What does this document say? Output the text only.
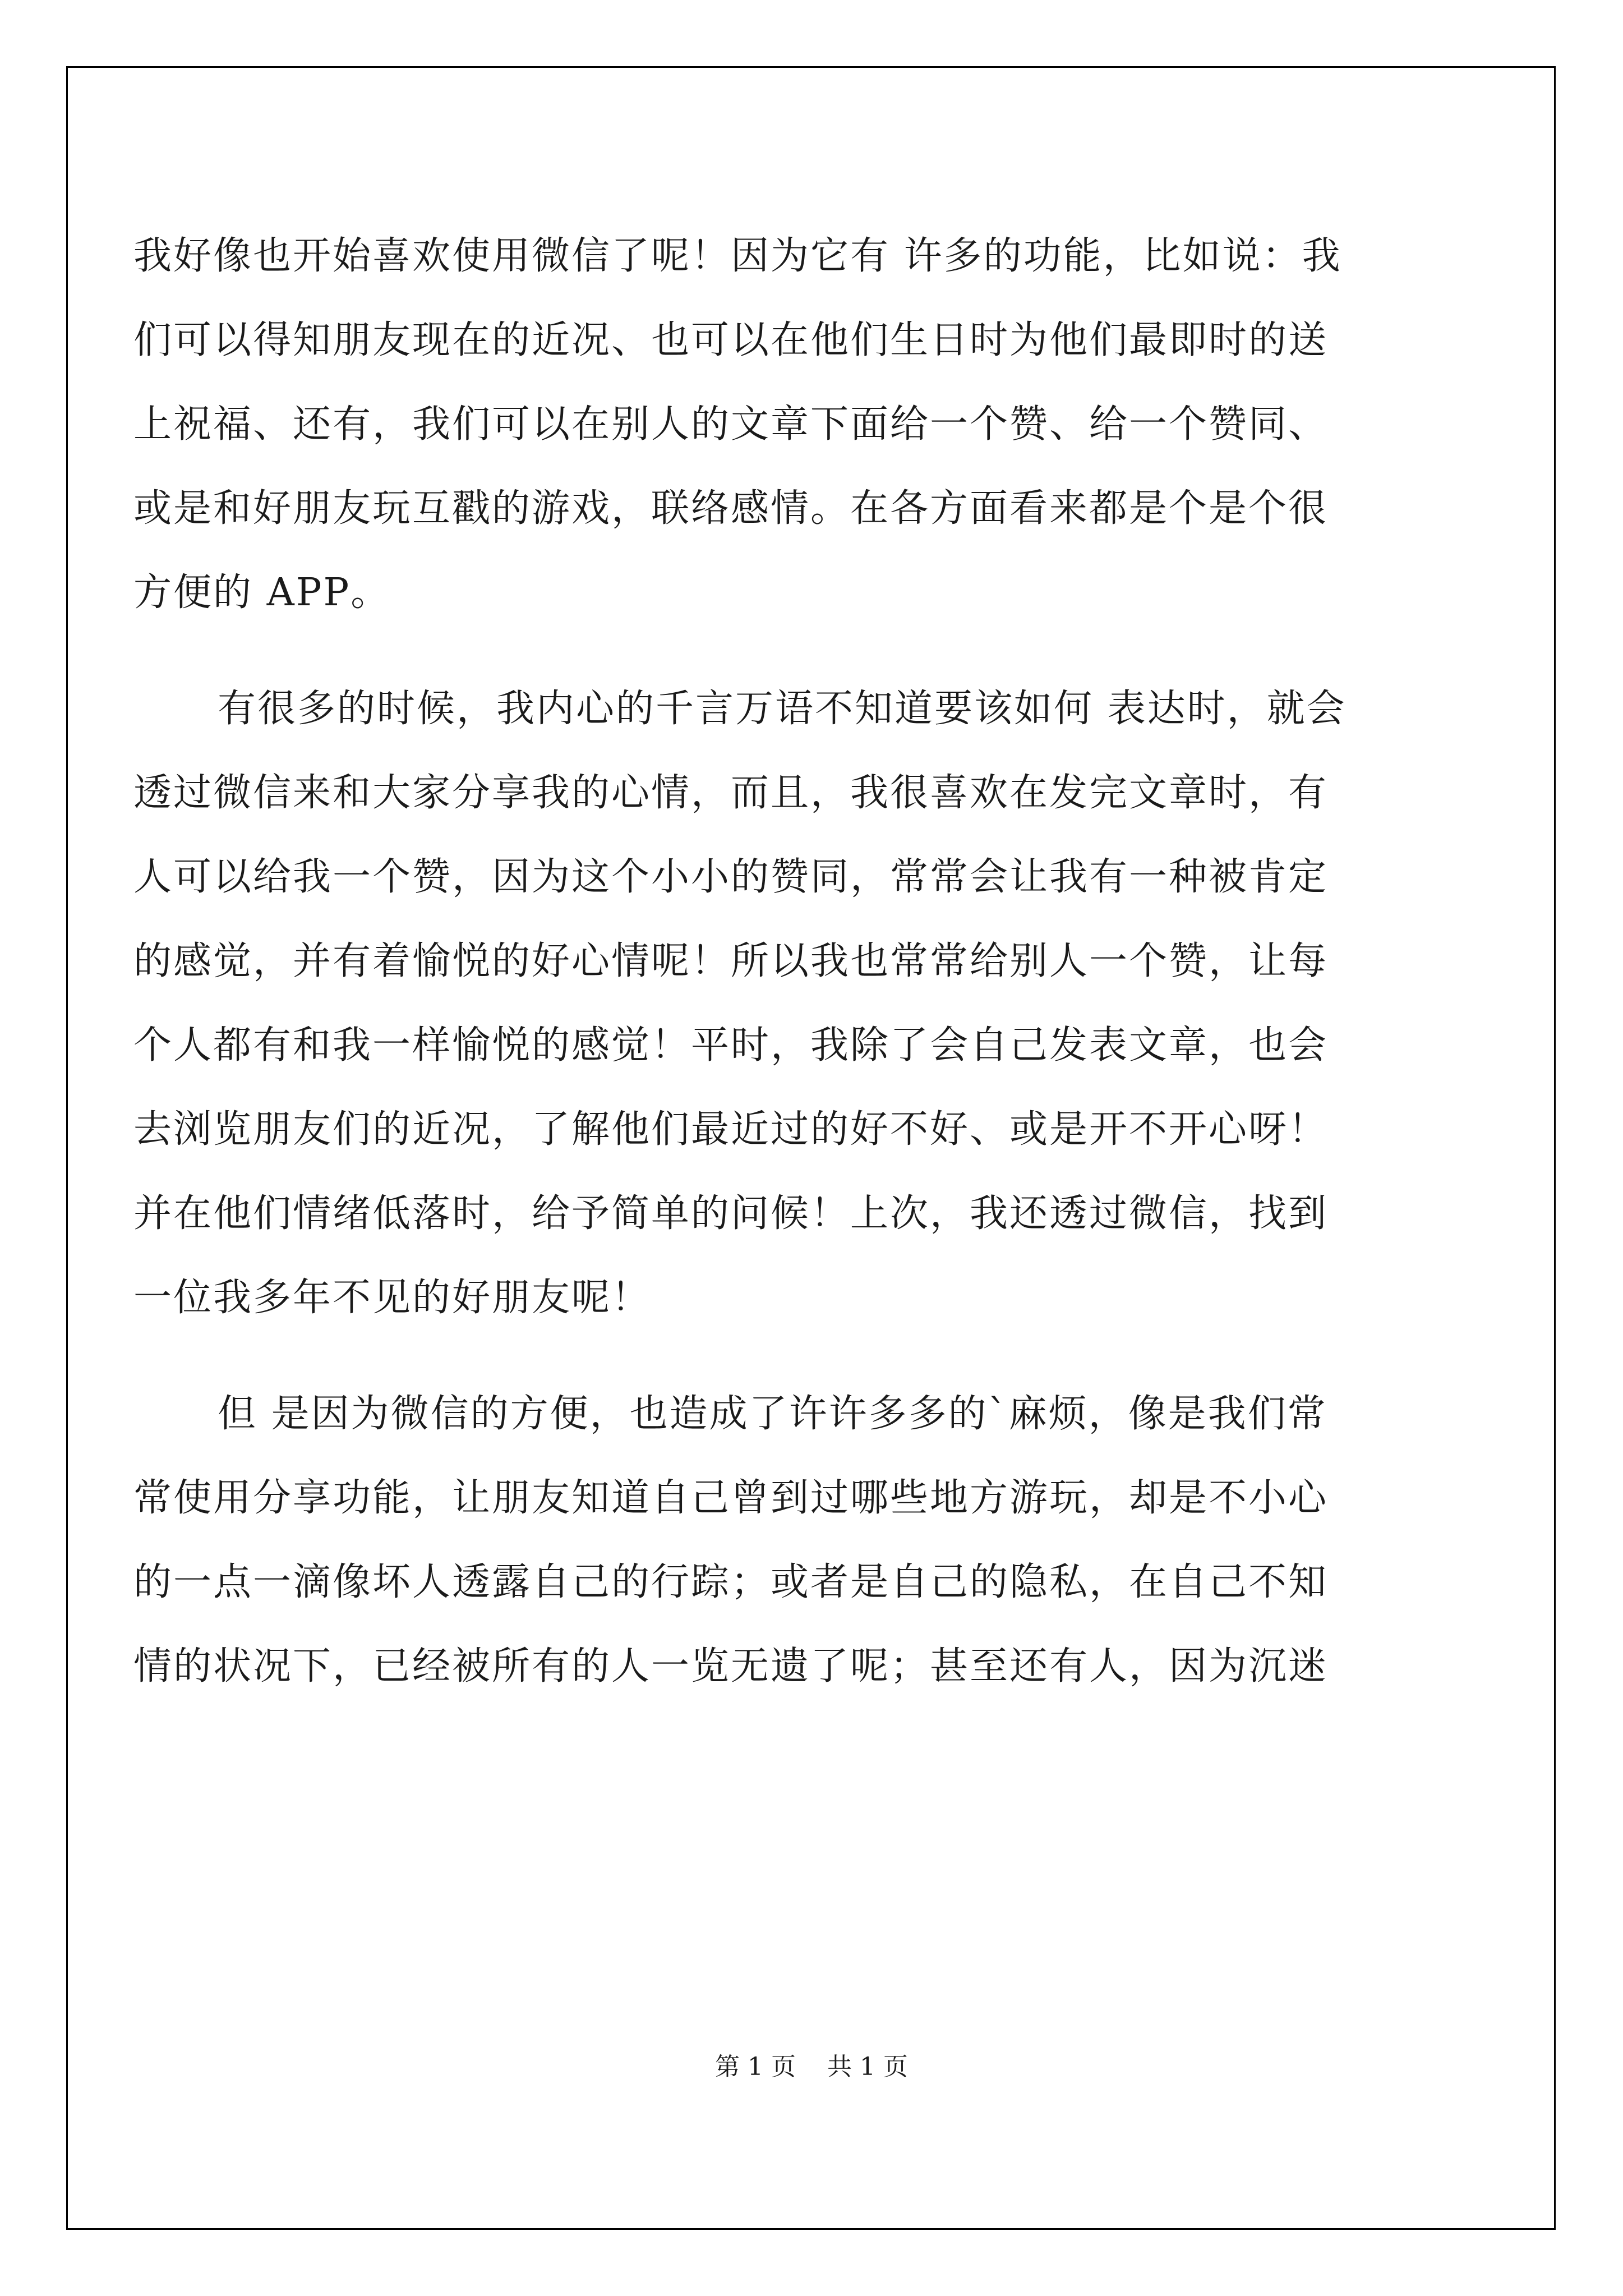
我好像也开始喜欢使用微信了呢！因为它有 许多的功能，比如说：我
们可以得知朋友现在的近况、也可以在他们生日时为他们最即时的送
上祝福、还有，我们可以在别人的文章下面给一个赞、给一个赞同、
或是和好朋友玩互戳的游戏，联络感情。在各方面看来都是个是个很
方便的 APP。
有很多的时候，我内心的千言万语不知道要该如何 表达时，就会
透过微信来和大家分享我的心情，而且，我很喜欢在发完文章时，有
人可以给我一个赞，因为这个小小的赞同，常常会让我有一种被肯定
的感觉，并有着愉悦的好心情呢！所以我也常常给别人一个赞，让每
个人都有和我一样愉悦的感觉！平时，我除了会自己发表文章，也会
去浏览朋友们的近况，了解他们最近过的好不好、或是开不开心呀！
并在他们情绪低落时，给予简单的问候！上次，我还透过微信，找到
一位我多年不见的好朋友呢！
但 是因为微信的方便，也造成了许许多多的`麻烦，像是我们常
常使用分享功能，让朋友知道自己曾到过哪些地方游玩，却是不小心
的一点一滴像坏人透露自己的行踪；或者是自己的隐私，在自己不知
情的状况下，已经被所有的人一览无遗了呢；甚至还有人，因为沉迷
第 1 页 共 1 页
